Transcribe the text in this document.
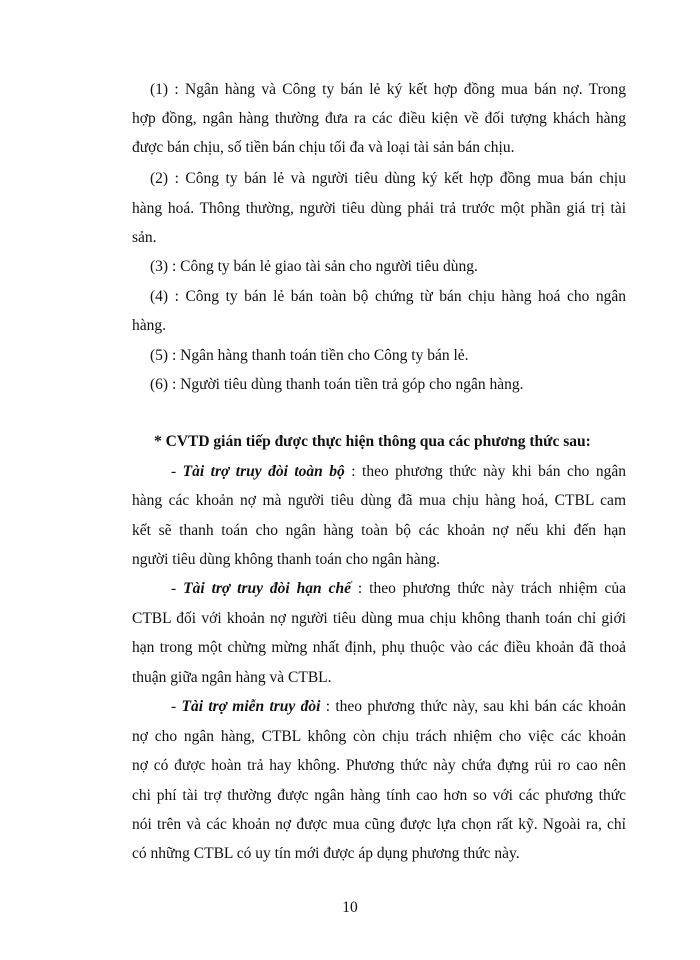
(1) : Ngân hàng và Công ty bán lẻ ký kết hợp đồng mua bán nợ. Trong
hợp đồng, ngân hàng thường đưa ra các điều kiện về đối tượng khách hàng
được bán chịu, số tiền bán chịu tối đa và loại tài sản bán chịu.
(2) : Công ty bán lẻ và người tiêu dùng ký kết hợp đồng mua bán chịu
hàng hoá. Thông thường, người tiêu dùng phải trả trước một phần giá trị tài
sản.
(3) : Công ty bán lẻ giao tài sản cho người tiêu dùng.
(4) : Công ty bán lẻ bán toàn bộ chứng từ bán chịu hàng hoá cho ngân
hàng.
(5) : Ngân hàng thanh toán tiền cho Công ty bán lẻ.
(6) : Người tiêu dùng thanh toán tiền trả góp cho ngân hàng.
* CVTD gián tiếp được thực hiện thông qua các phương thức sau:
- Tài trợ truy đòi toàn bộ : theo phương thức này khi bán cho ngân
hàng các khoản nợ mà người tiêu dùng đã mua chịu hàng hoá, CTBL cam
kết sẽ thanh toán cho ngân hàng toàn bộ các khoản nợ nếu khi đến hạn
người tiêu dùng không thanh toán cho ngân hàng.
- Tài trợ truy đòi hạn chế : theo phương thức này trách nhiệm của
CTBL đối với khoản nợ người tiêu dùng mua chịu không thanh toán chỉ giới
hạn trong một chừng mừng nhất định, phụ thuộc vào các điều khoản đã thoả
thuận giữa ngân hàng và CTBL.
- Tài trợ miễn truy đòi : theo phương thức này, sau khi bán các khoản
nợ cho ngân hàng, CTBL không còn chịu trách nhiệm cho việc các khoản
nợ có được hoàn trả hay không. Phương thức này chứa đựng rủi ro cao nên
chi phí tài trợ thường được ngân hàng tính cao hơn so với các phương thức
nói trên và các khoản nợ được mua cũng được lựa chọn rất kỹ. Ngoài ra, chỉ
có những CTBL có uy tín mới được áp dụng phương thức này.
10
